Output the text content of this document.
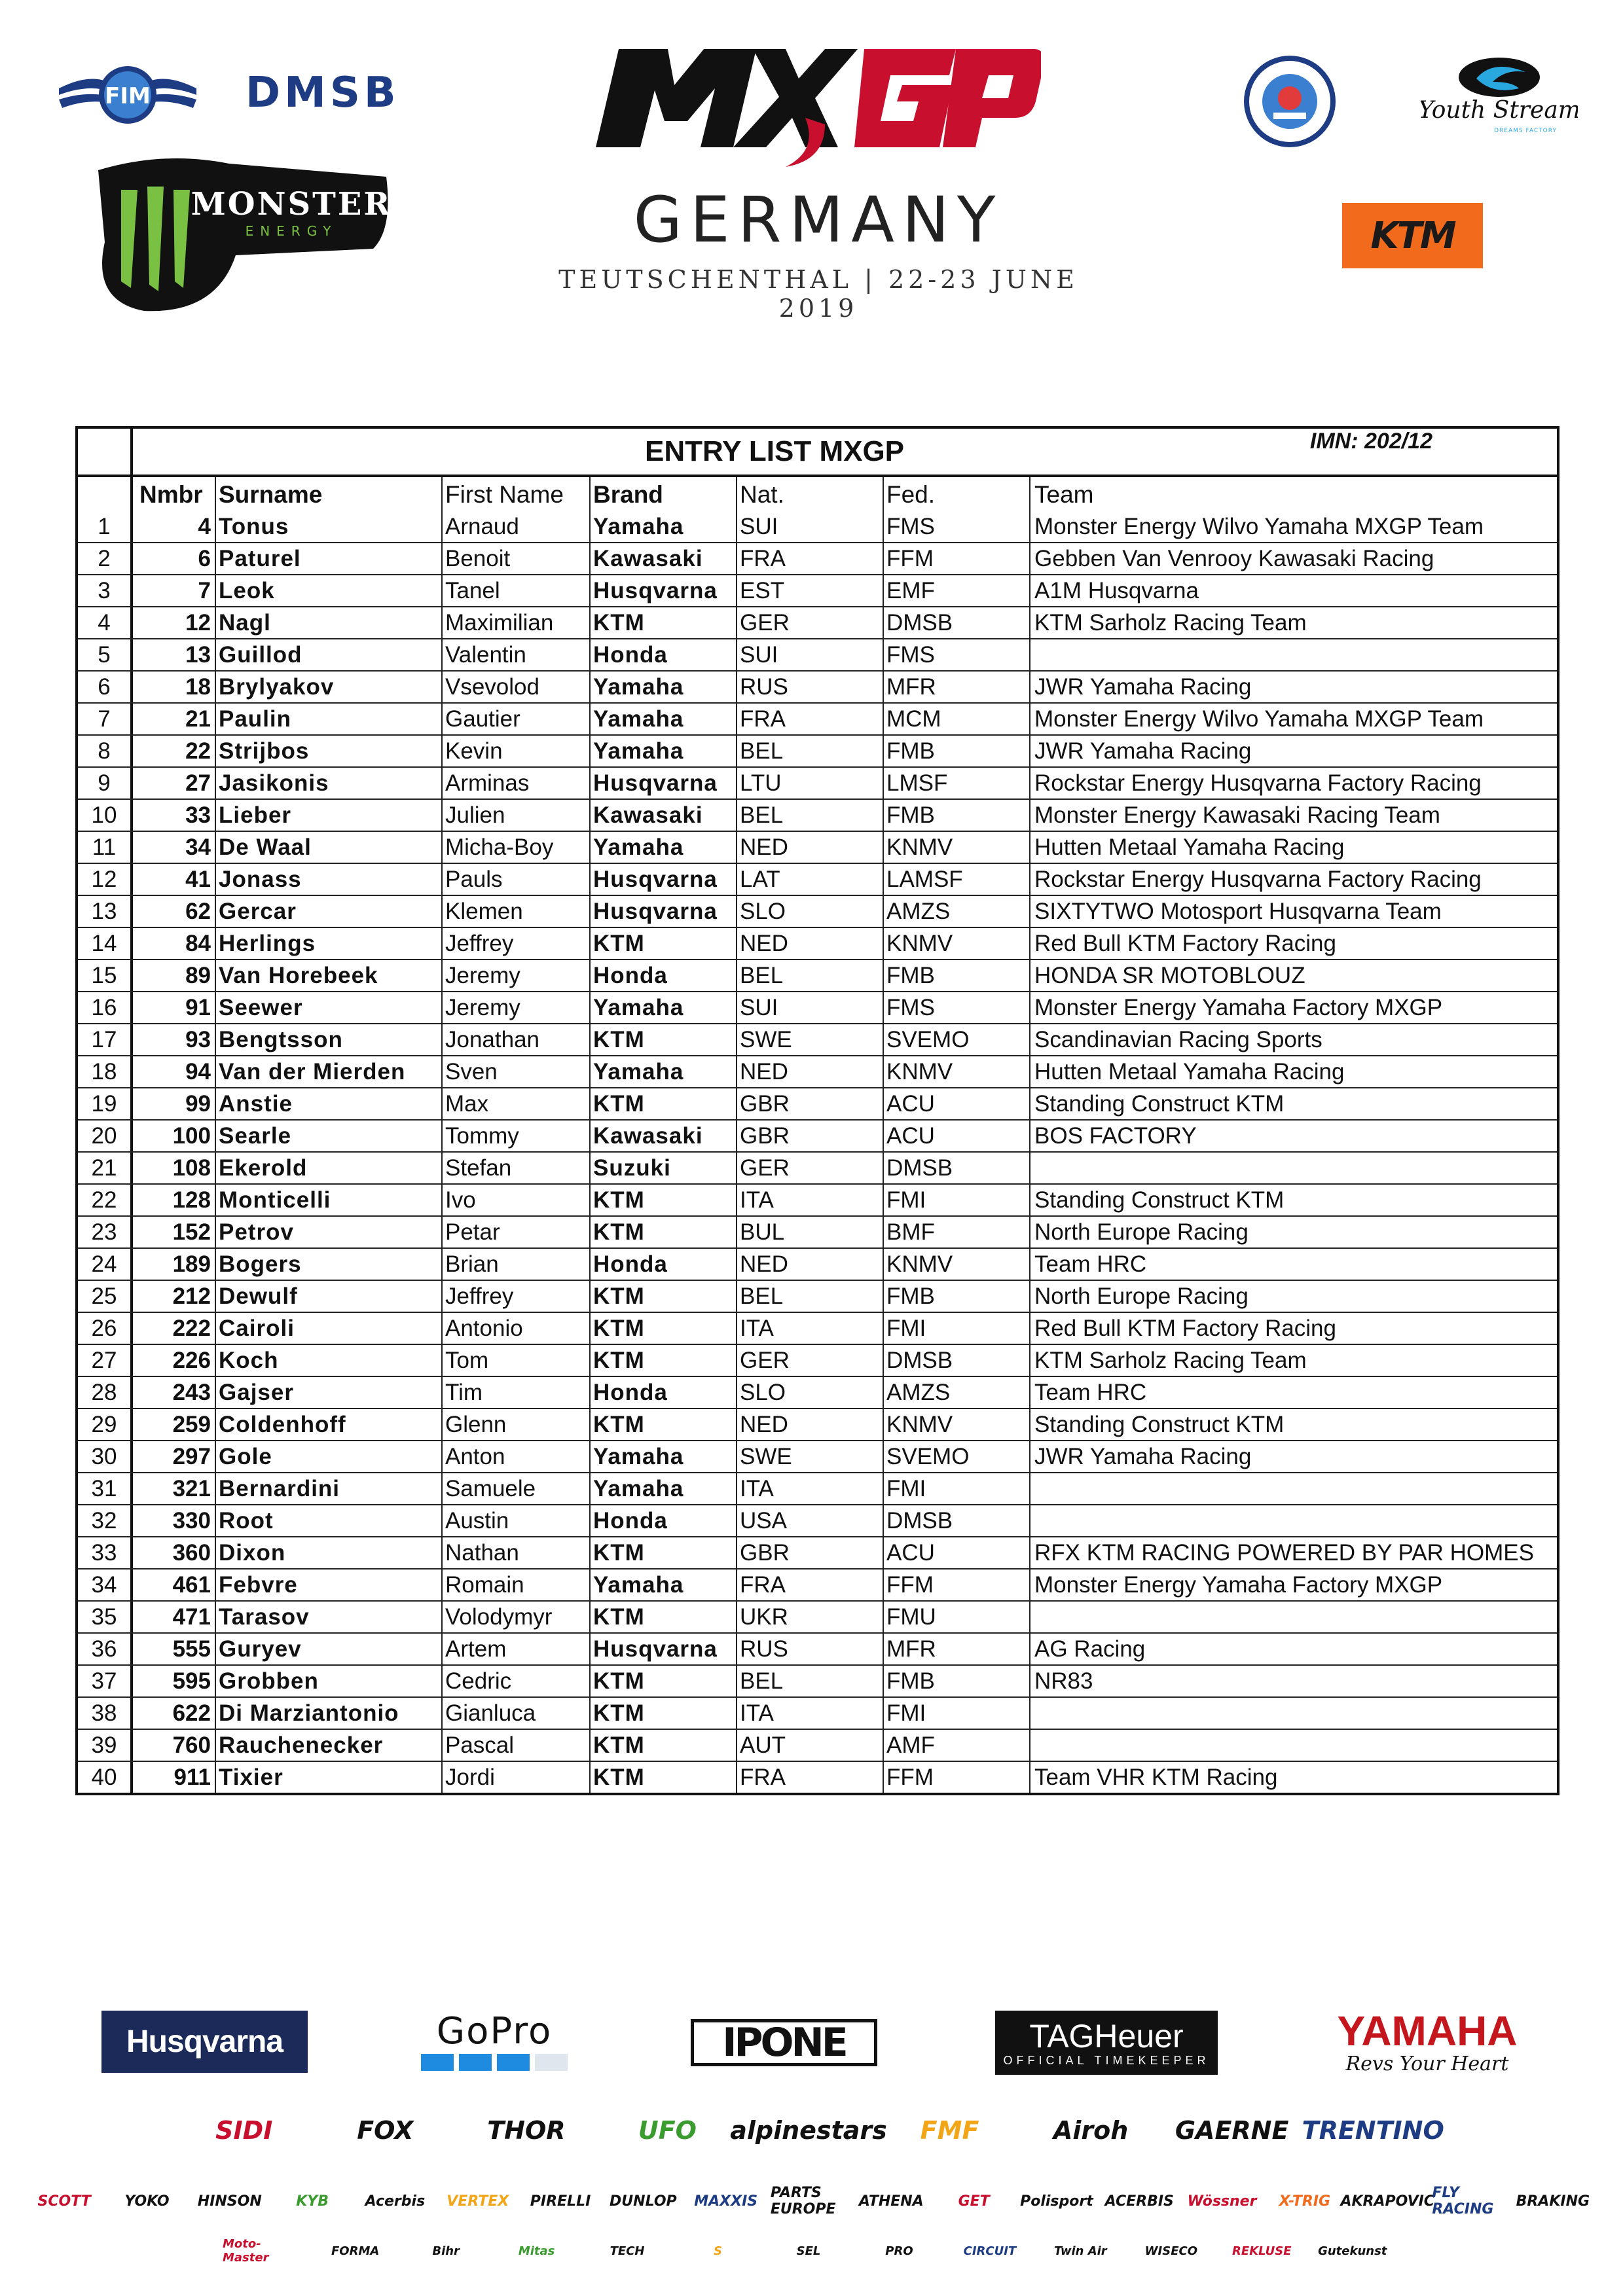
FIM DMSB
MONSTER
ENERGY	GERMANY
TEUTSCHENTHAL | 22-23 JUNE 2019
Youth Stream
DREAMS FACTORY
KTM
ENTRY LIST MXGP	IMN: 202/12
Nmbr Surname	First Name	Brand	Nat.	Fed.	Team
1	4 Tonus	Arnaud	Yamaha	SUI	FMS	Monster Energy Wilvo Yamaha MXGP Team
2	6 Paturel	Benoit	Kawasaki	FRA	FFM	Gebben Van Venrooy Kawasaki Racing
3	7 Leok	Tanel	Husqvarna EST	EMF	A1M Husqvarna
4	12 Nagl	Maximilian	KTM	GER	DMSB	KTM Sarholz Racing Team
5	13 Guillod	Valentin	Honda	SUI	FMS
6	18 Brylyakov	Vsevolod	Yamaha	RUS	MFR	JWR Yamaha Racing
7	21 Paulin	Gautier	Yamaha	FRA	MCM	Monster Energy Wilvo Yamaha MXGP Team
8	22 Strijbos	Kevin	Yamaha	BEL	FMB	JWR Yamaha Racing
9	27 Jasikonis	Arminas	Husqvarna LTU	LMSF	Rockstar Energy Husqvarna Factory Racing
10	33 Lieber	Julien	Kawasaki	BEL	FMB	Monster Energy Kawasaki Racing Team
11	34 De Waal	Micha-Boy	Yamaha	NED	KNMV	Hutten Metaal Yamaha Racing
12	41 Jonass	Pauls	Husqvarna LAT	LAMSF	Rockstar Energy Husqvarna Factory Racing
13	62 Gercar	Klemen	Husqvarna SLO	AMZS	SIXTYTWO Motosport Husqvarna Team
14	84 Herlings	Jeffrey	KTM	NED	KNMV	Red Bull KTM Factory Racing
15	89 Van Horebeek	Jeremy	Honda	BEL	FMB	HONDA SR MOTOBLOUZ
16	91 Seewer	Jeremy	Yamaha	SUI	FMS	Monster Energy Yamaha Factory MXGP
17	93 Bengtsson	Jonathan	KTM	SWE	SVEMO	Scandinavian Racing Sports
18	94 Van der Mierden	Sven	Yamaha	NED	KNMV	Hutten Metaal Yamaha Racing
19	99 Anstie	Max	KTM	GBR	ACU	Standing Construct KTM
20	100 Searle	Tommy	Kawasaki	GBR	ACU	BOS FACTORY
21	108 Ekerold	Stefan	Suzuki	GER	DMSB
22	128 Monticelli	Ivo	KTM	ITA	FMI	Standing Construct KTM
23	152 Petrov	Petar	KTM	BUL	BMF	North Europe Racing
24	189 Bogers	Brian	Honda	NED	KNMV	Team HRC
25	212 Dewulf	Jeffrey	KTM	BEL	FMB	North Europe Racing
26	222 Cairoli	Antonio	KTM	ITA	FMI	Red Bull KTM Factory Racing
27	226 Koch	Tom	KTM	GER	DMSB	KTM Sarholz Racing Team
28	243 Gajser	Tim	Honda	SLO	AMZS	Team HRC
29	259 Coldenhoff	Glenn	KTM	NED	KNMV	Standing Construct KTM
30	297 Gole	Anton	Yamaha	SWE	SVEMO	JWR Yamaha Racing
31	321 Bernardini	Samuele	Yamaha	ITA	FMI
32	330 Root	Austin	Honda	USA	DMSB
33	360 Dixon	Nathan	KTM	GBR	ACU	RFX KTM RACING POWERED BY PAR HOMES
34	461 Febvre	Romain	Yamaha	FRA	FFM	Monster Energy Yamaha Factory MXGP
35	471 Tarasov	Volodymyr	KTM	UKR	FMU
36	555 Guryev	Artem	Husqvarna RUS	MFR	AG Racing
37	595 Grobben	Cedric	KTM	BEL	FMB	NR83
38	622 Di Marziantonio	Gianluca	KTM	ITA	FMI
39	760 Rauchenecker	Pascal	KTM	AUT	AMF
40	911 Tixier	Jordi	KTM	FRA	FFM	Team VHR KTM Racing
Husqvarna	GoPro	IPONE	TAGHeuer
OFFICIAL TIMEKEEPER
YAMAHA
Revs Your Heart
SIDI	FOX	THOR	UFO	alpinestars	FMF	Airoh	GAERNE TRENTINO
SCOTT	YOKO	HINSON	KYB	Acerbis	VERTEX	PIRELLI	DUNLOP	MAXXIS PARTS EUROPE	ATHENA	GET	Polisport ACERBIS Wössner	X-TRIG AKRAPOVIC
FLY RACING	BRAKING
Moto-Master	FORMA	Bihr	Mitas	TECH	S	SEL	PRO	CIRCUIT	Twin Air	WISECO	REKLUSE	Gutekunst
